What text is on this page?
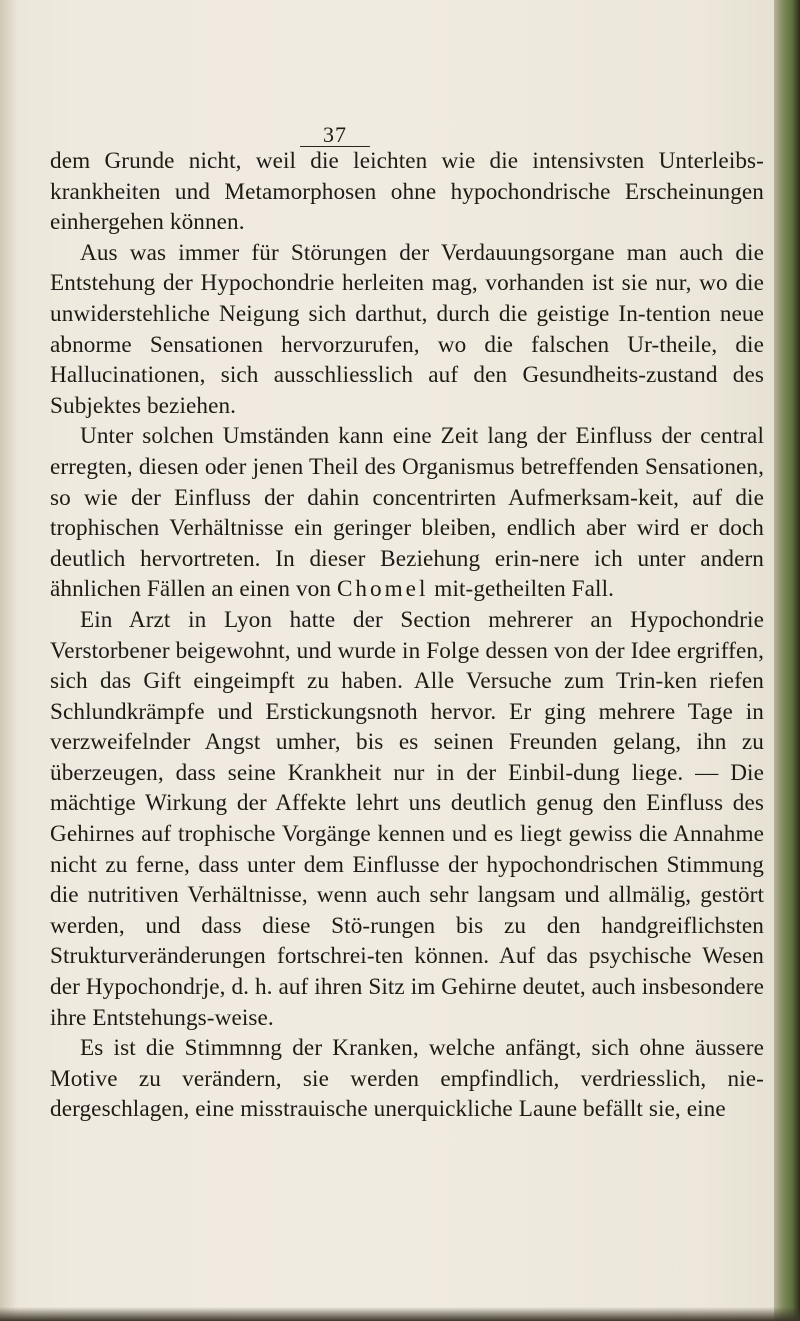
37

dem Grunde nicht, weil die leichten wie die intensivsten Unterleibs-krankheiten und Metamorphosen ohne hypochondrische Erscheinungen einhergehen können.

Aus was immer für Störungen der Verdauungsorgane man auch die Entstehung der Hypochondrie herleiten mag, vorhanden ist sie nur, wo die unwiderstehliche Neigung sich darthut, durch die geistige In-tention neue abnorme Sensationen hervorzurufen, wo die falschen Ur-theile, die Hallucinationen, sich ausschliesslich auf den Gesundheits-zustand des Subjektes beziehen.

Unter solchen Umständen kann eine Zeit lang der Einfluss der central erregten, diesen oder jenen Theil des Organismus betreffenden Sensationen, so wie der Einfluss der dahin concentrirten Aufmerksam-keit, auf die trophischen Verhältnisse ein geringer bleiben, endlich aber wird er doch deutlich hervortreten. In dieser Beziehung erin-nere ich unter andern ähnlichen Fällen an einen von Chomel mit-getheilten Fall.

Ein Arzt in Lyon hatte der Section mehrerer an Hypochondrie Verstorbener beigewohnt, und wurde in Folge dessen von der Idee ergriffen, sich das Gift eingeimpft zu haben. Alle Versuche zum Trin-ken riefen Schlundkrämpfe und Erstickungsnoth hervor. Er ging mehrere Tage in verzweifelnder Angst umher, bis es seinen Freunden gelang, ihn zu überzeugen, dass seine Krankheit nur in der Einbil-dung liege. — Die mächtige Wirkung der Affekte lehrt uns deutlich genug den Einfluss des Gehirnes auf trophische Vorgänge kennen und es liegt gewiss die Annahme nicht zu ferne, dass unter dem Einflusse der hypochondrischen Stimmung die nutritiven Verhältnisse, wenn auch sehr langsam und allmälig, gestört werden, und dass diese Stö-rungen bis zu den handgreiflichsten Strukturveränderungen fortschrei-ten können. Auf das psychische Wesen der Hypochondrje, d. h. auf ihren Sitz im Gehirne deutet, auch insbesondere ihre Entstehungs-weise.

Es ist die Stimmnng der Kranken, welche anfängt, sich ohne äussere Motive zu verändern, sie werden empfindlich, verdriesslich, nie-dergeschlagen, eine misstrauische unerquickliche Laune befällt sie, eine
